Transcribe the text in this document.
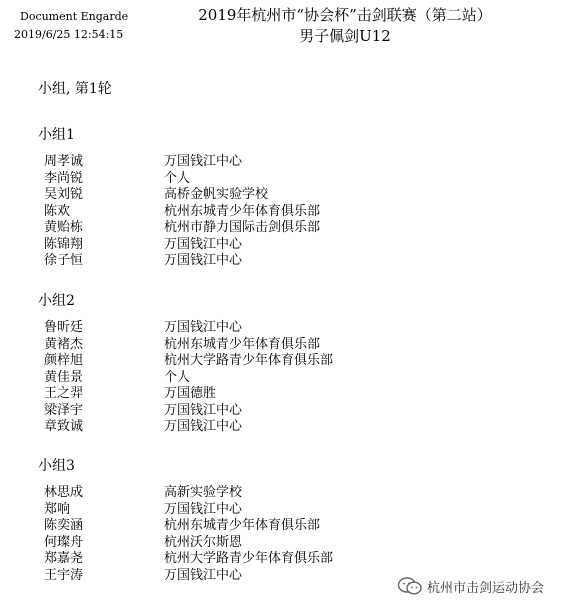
Document Engarde
2019/6/25 12:54:15
2019年杭州市“协会杯”击剑联赛（第二站）
男子佩剑U12
小组, 第1轮
小组1
周孝诚	万国钱江中心
李尚锐	个人
吴刘锐	高桥金帆实验学校
陈欢	杭州东城青少年体育俱乐部
黄贻栋	杭州市静力国际击剑俱乐部
陈锦翔	万国钱江中心
徐子恒	万国钱江中心
小组2
鲁昕廷	万国钱江中心
黄褚杰	杭州东城青少年体育俱乐部
颜梓旭	杭州大学路青少年体育俱乐部
黄佳景	个人
王之羿	万国德胜
梁泽宇	万国钱江中心
章致诚	万国钱江中心
小组3
林思成	高新实验学校
郑响	万国钱江中心
陈奕涵	杭州东城青少年体育俱乐部
何璨舟	杭州沃尔斯恩
郑嘉尧	杭州大学路青少年体育俱乐部
王宇涛	万国钱江中心
杭州市击剑运动协会
